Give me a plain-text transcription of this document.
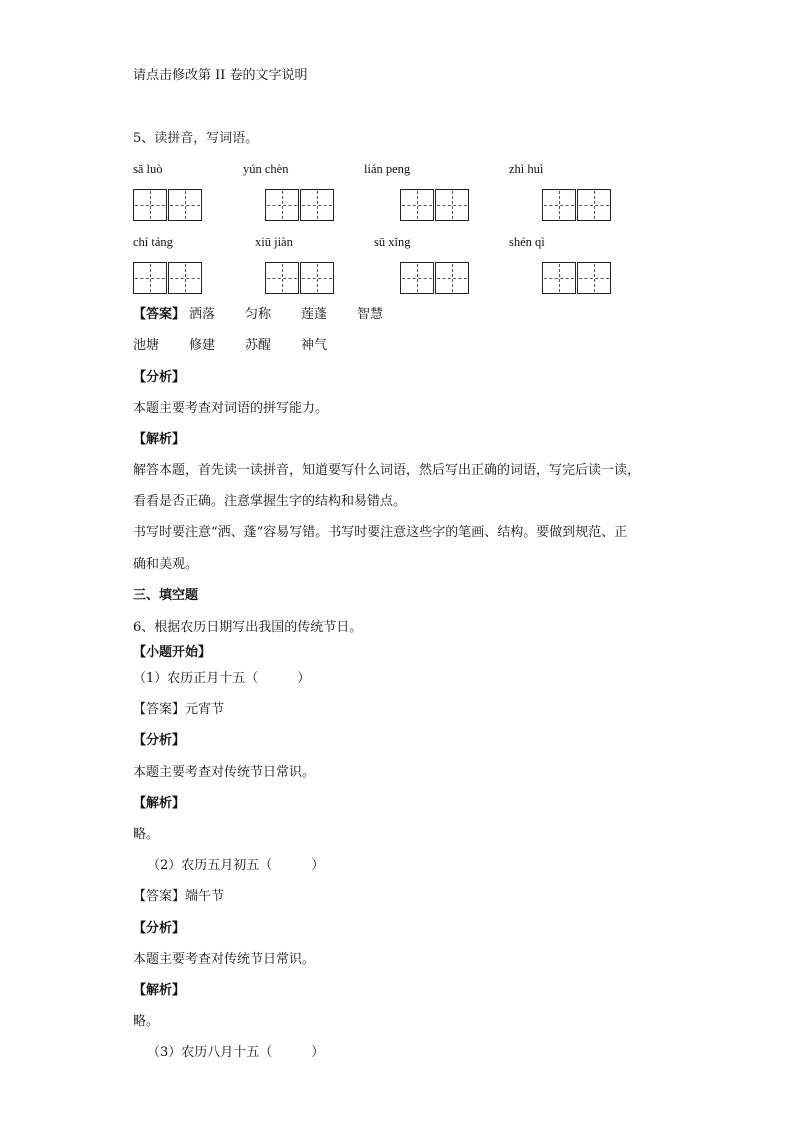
请点击修改第 II 卷的文字说明
5、读拼音，写词语。
sǎ luò	yún chèn	lián peng	zhì huì
chí táng	xiū jiàn	sū xǐng	shén qì
【答案】 洒落 匀称 莲蓬 智慧
池塘 修建 苏醒 神气
【分析】
本题主要考查对词语的拼写能力。
【解析】
解答本题，首先读一读拼音，知道要写什么词语，然后写出正确的词语，写完后读一读，
看看是否正确。注意掌握生字的结构和易错点。
书写时要注意“洒、蓬”容易写错。书写时要注意这些字的笔画、结构。要做到规范、正
确和美观。
三、填空题
6、根据农历日期写出我国的传统节日。
【小题开始】
（1）农历正月十五（　　　）
【答案】元宵节
【分析】
本题主要考查对传统节日常识。
【解析】
略。
（2）农历五月初五（　　　）
【答案】端午节
【分析】
本题主要考查对传统节日常识。
【解析】
略。
（3）农历八月十五（　　　）
